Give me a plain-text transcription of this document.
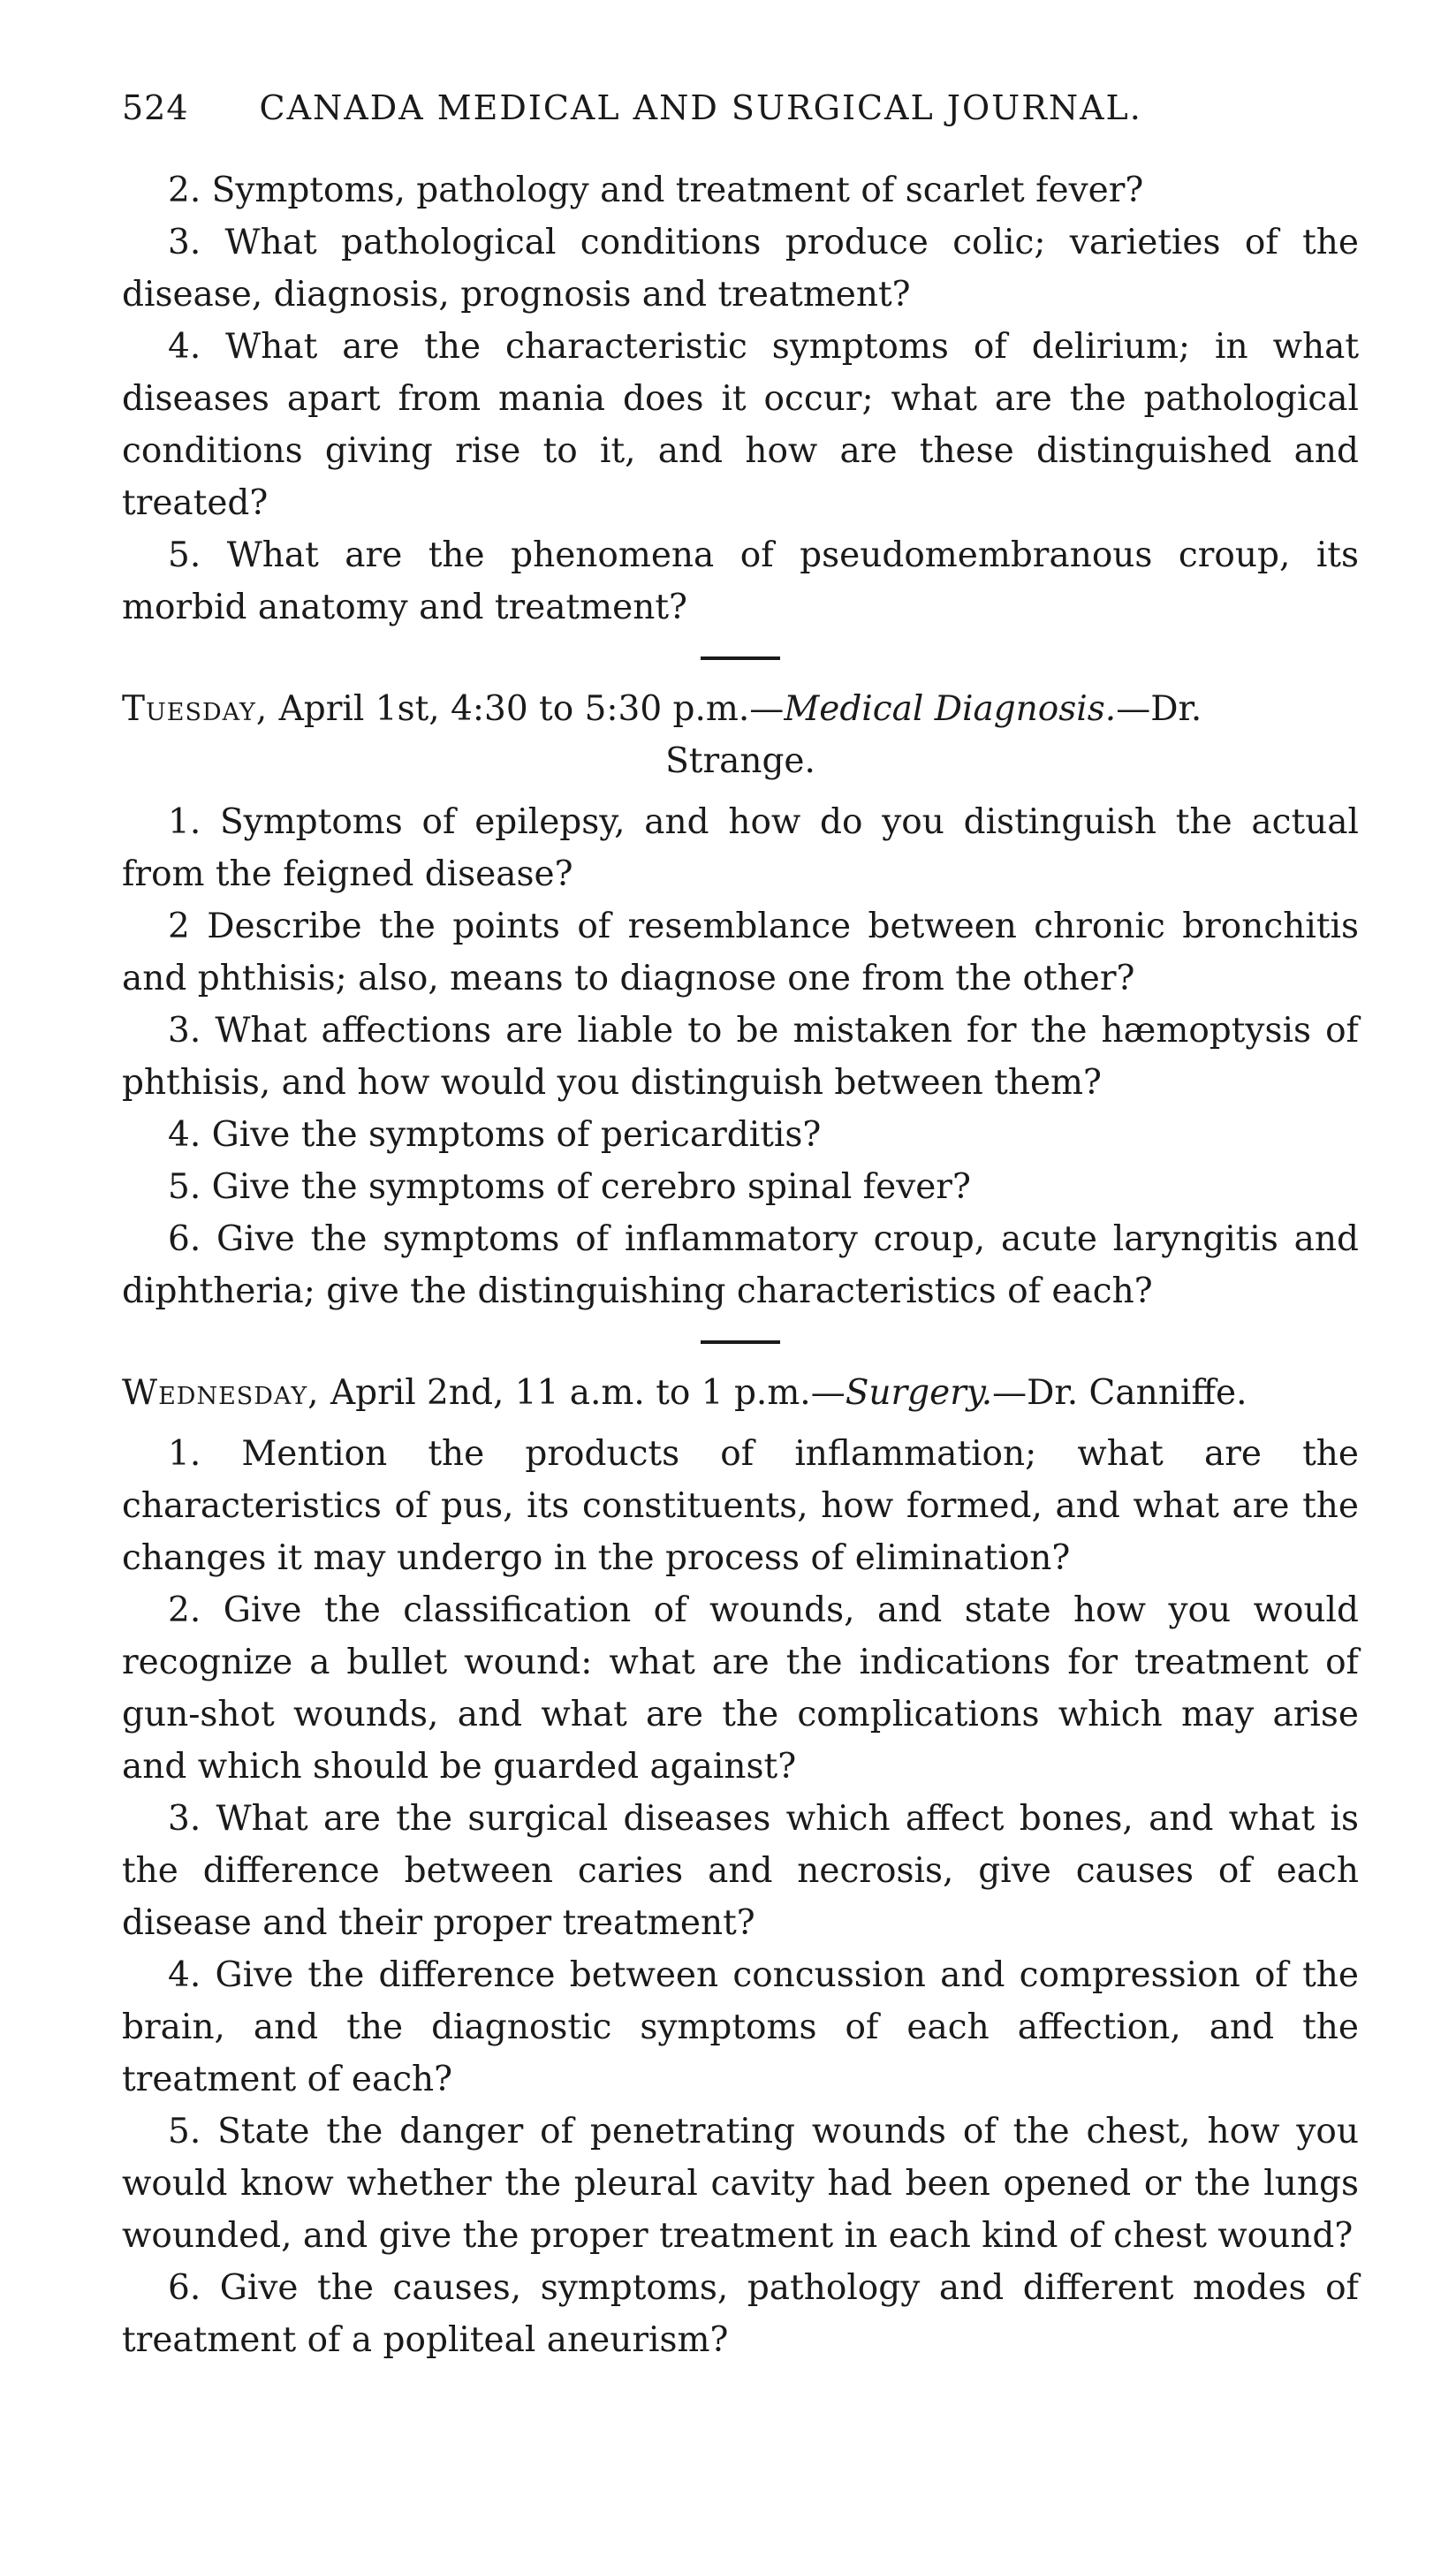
524 CANADA MEDICAL AND SURGICAL JOURNAL.

2. Symptoms, pathology and treatment of scarlet fever?

3. What pathological conditions produce colic; varieties of the disease, diagnosis, prognosis and treatment?

4. What are the characteristic symptoms of delirium; in what diseases apart from mania does it occur; what are the pathological conditions giving rise to it, and how are these distinguished and treated?

5. What are the phenomena of pseudomembranous croup, its morbid anatomy and treatment?

Tuesday, April 1st, 4:30 to 5:30 p.m.—Medical Diagnosis.—Dr.
Strange.

1. Symptoms of epilepsy, and how do you distinguish the actual from the feigned disease?

2 Describe the points of resemblance between chronic bronchitis and phthisis; also, means to diagnose one from the other?

3. What affections are liable to be mistaken for the hæmoptysis of phthisis, and how would you distinguish between them?

4. Give the symptoms of pericarditis?

5. Give the symptoms of cerebro spinal fever?

6. Give the symptoms of inflammatory croup, acute laryngitis and diphtheria; give the distinguishing characteristics of each?

Wednesday, April 2nd, 11 a.m. to 1 p.m.—Surgery.—Dr. Canniffe.

1. Mention the products of inflammation; what are the characteristics of pus, its constituents, how formed, and what are the changes it may undergo in the process of elimination?

2. Give the classification of wounds, and state how you would recognize a bullet wound: what are the indications for treatment of gun-shot wounds, and what are the complications which may arise and which should be guarded against?

3. What are the surgical diseases which affect bones, and what is the difference between caries and necrosis, give causes of each disease and their proper treatment?

4. Give the difference between concussion and compression of the brain, and the diagnostic symptoms of each affection, and the treatment of each?

5. State the danger of penetrating wounds of the chest, how you would know whether the pleural cavity had been opened or the lungs wounded, and give the proper treatment in each kind of chest wound?

6. Give the causes, symptoms, pathology and different modes of treatment of a popliteal aneurism?
